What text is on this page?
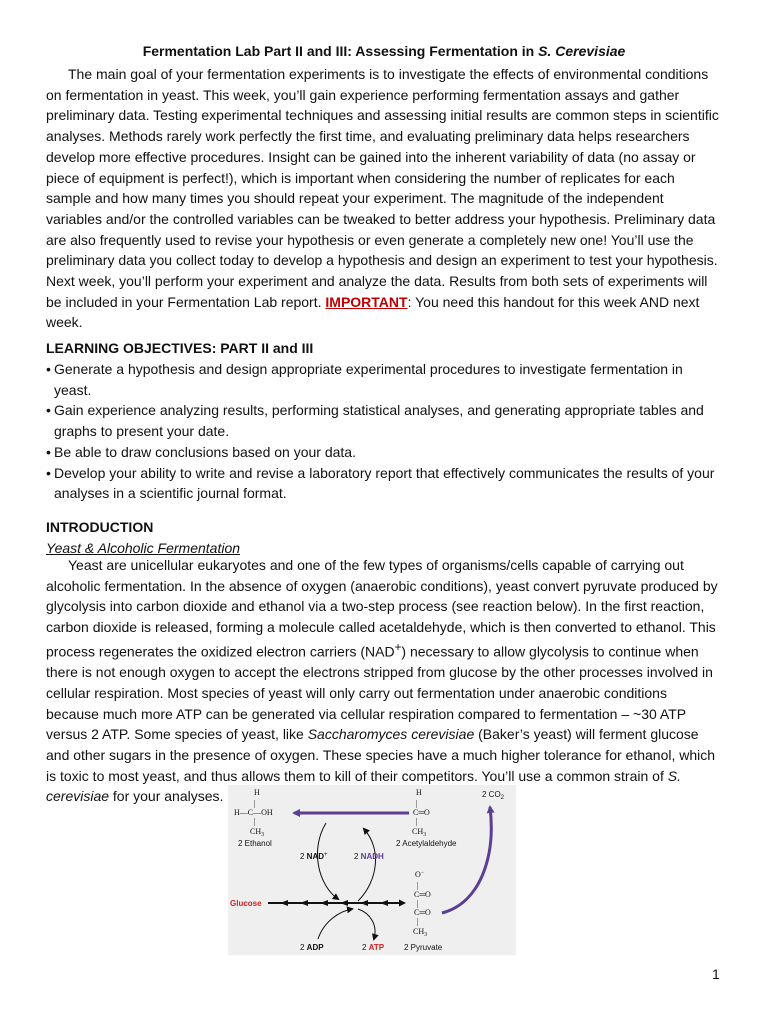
Fermentation Lab Part II and III: Assessing Fermentation in S. Cerevisiae

The main goal of your fermentation experiments is to investigate the effects of environmental conditions on fermentation in yeast. This week, you’ll gain experience performing fermentation assays and gather preliminary data. Testing experimental techniques and assessing initial results are common steps in scientific analyses. Methods rarely work perfectly the first time, and evaluating preliminary data helps researchers develop more effective procedures. Insight can be gained into the inherent variability of data (no assay or piece of equipment is perfect!), which is important when considering the number of replicates for each sample and how many times you should repeat your experiment. The magnitude of the independent variables and/or the controlled variables can be tweaked to better address your hypothesis. Preliminary data are also frequently used to revise your hypothesis or even generate a completely new one! You’ll use the preliminary data you collect today to develop a hypothesis and design an experiment to test your hypothesis. Next week, you’ll perform your experiment and analyze the data. Results from both sets of experiments will be included in your Fermentation Lab report. IMPORTANT: You need this handout for this week AND next week.

LEARNING OBJECTIVES: PART II and III

• Generate a hypothesis and design appropriate experimental procedures to investigate fermentation in yeast.
• Gain experience analyzing results, performing statistical analyses, and generating appropriate tables and graphs to present your date.
• Be able to draw conclusions based on your data.
• Develop your ability to write and revise a laboratory report that effectively communicates the results of your analyses in a scientific journal format.

INTRODUCTION

Yeast & Alcoholic Fermentation

Yeast are unicellular eukaryotes and one of the few types of organisms/cells capable of carrying out alcoholic fermentation. In the absence of oxygen (anaerobic conditions), yeast convert pyruvate produced by glycolysis into carbon dioxide and ethanol via a two-step process (see reaction below). In the first reaction, carbon dioxide is released, forming a molecule called acetaldehyde, which is then converted to ethanol. This process regenerates the oxidized electron carriers (NAD+) necessary to allow glycolysis to continue when there is not enough oxygen to accept the electrons stripped from glucose by the other processes involved in cellular respiration. Most species of yeast will only carry out fermentation under anaerobic conditions because much more ATP can be generated via cellular respiration compared to fermentation – ~30 ATP versus 2 ATP. Some species of yeast, like Saccharomyces cerevisiae (Baker’s yeast) will ferment glucose and other sugars in the presence of oxygen. These species have a much higher tolerance for ethanol, which is toxic to most yeast, and thus allows them to kill of their competitors. You’ll use a common strain of S. cerevisiae for your analyses.	H
|
H—C—OH
|
$CH_3$
2 Ethanol
H
|
C═O
|
$CH_3$
2 Acetylaldehyde
2 $CO_2$
2 NAD+	2 NADH
Glucose
2 ADP	2 ATP
O−
|
C═O
|
C═O
|
$CH_3$
2 Pyruvate
1
